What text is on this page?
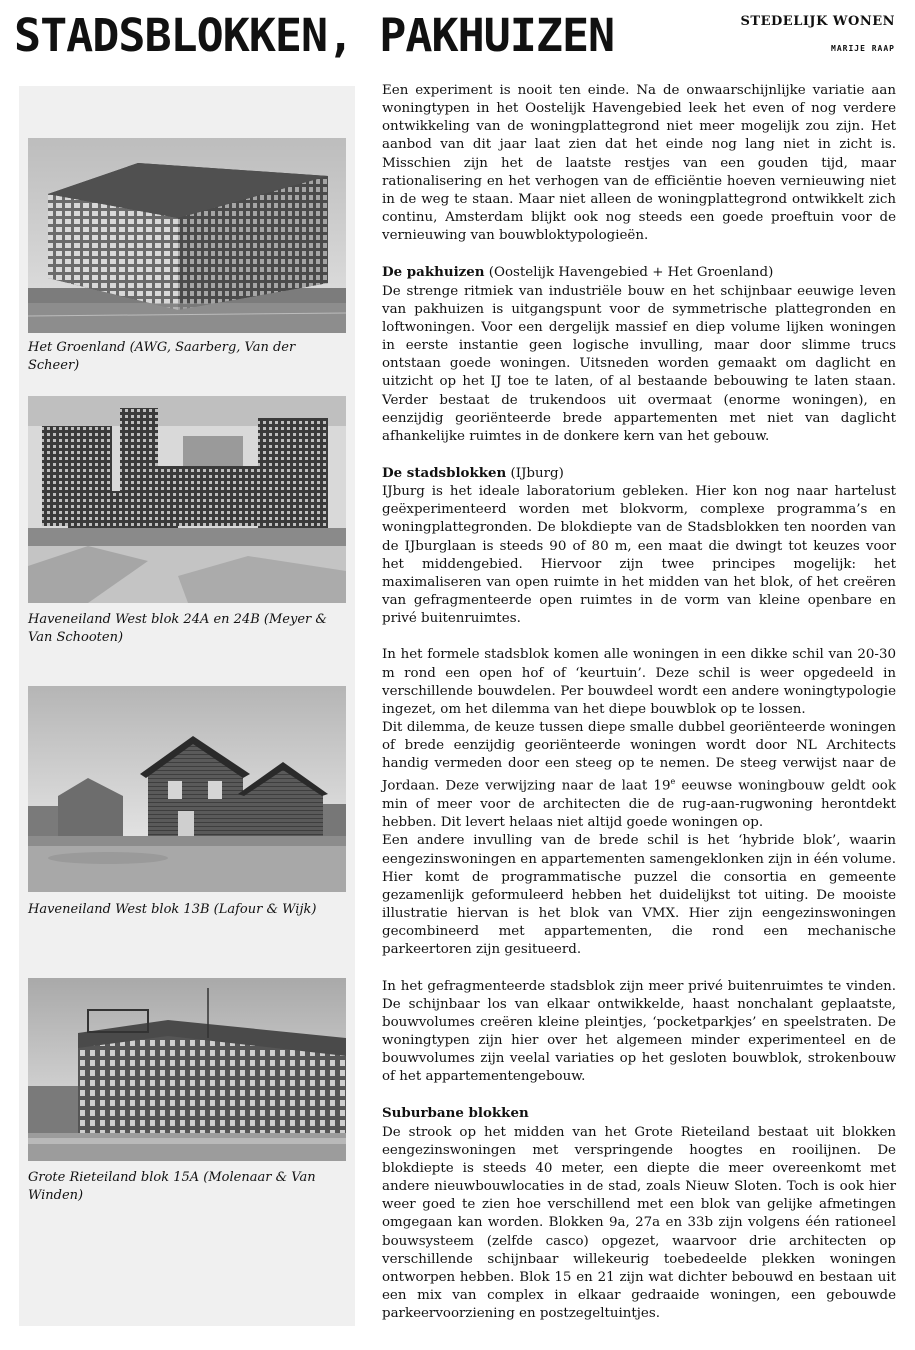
STADSBLOKKEN, PAKHUIZEN	STEDELIJK WONEN
MARIJE RAAP

Het Groenland (AWG, Saarberg, Van der Scheer)

Haveneiland West blok 24A en 24B (Meyer & Van Schooten)

Haveneiland West blok 13B (Lafour & Wijk)

Grote Rieteiland blok 15A (Molenaar & Van Winden)

Een experiment is nooit ten einde. Na de onwaarschijnlijke variatie aan woningtypen in het Oostelijk Havengebied leek het even of nog verdere ontwikkeling van de woningplattegrond niet meer mogelijk zou zijn. Het aanbod van dit jaar laat zien dat het einde nog lang niet in zicht is. Misschien zijn het de laatste restjes van een gouden tijd, maar rationalisering en het verhogen van de efficiëntie hoeven vernieuwing niet in de weg te staan. Maar niet alleen de woningplattegrond ontwikkelt zich continu, Amsterdam blijkt ook nog steeds een goede proeftuin voor de vernieuwing van bouwbloktypologieën.

De pakhuizen (Oostelijk Havengebied + Het Groenland)

De strenge ritmiek van industriële bouw en het schijnbaar eeuwige leven van pakhuizen is uitgangspunt voor de symmetrische plattegronden en loftwoningen. Voor een dergelijk massief en diep volume lijken woningen in eerste instantie geen logische invulling, maar door slimme trucs ontstaan goede woningen. Uitsneden worden gemaakt om daglicht en uitzicht op het IJ toe te laten, of al bestaande bebouwing te laten staan. Verder bestaat de trukendoos uit overmaat (enorme woningen), en eenzijdig georiënteerde brede appartementen met niet van daglicht afhankelijke ruimtes in de donkere kern van het gebouw.

De stadsblokken (IJburg)

IJburg is het ideale laboratorium gebleken. Hier kon nog naar hartelust geëxperimenteerd worden met blokvorm, complexe programma’s en woningplattegronden. De blokdiepte van de Stadsblokken ten noorden van de IJburglaan is steeds 90 of 80 m, een maat die dwingt tot keuzes voor het middengebied. Hiervoor zijn twee principes mogelijk: het maximaliseren van open ruimte in het midden van het blok, of het creëren van gefragmenteerde open ruimtes in de vorm van kleine openbare en privé buitenruimtes.

In het formele stadsblok komen alle woningen in een dikke schil van 20-30 m rond een open hof of ‘keurtuin’. Deze schil is weer opgedeeld in verschillende bouwdelen. Per bouwdeel wordt een andere woningtypologie ingezet, om het dilemma van het diepe bouwblok op te lossen.

Dit dilemma, de keuze tussen diepe smalle dubbel georiënteerde woningen of brede eenzijdig georiënteerde woningen wordt door NL Architects handig vermeden door een steeg op te nemen. De steeg verwijst naar de Jordaan. Deze verwijzing naar de laat 19e eeuwse woningbouw geldt ook min of meer voor de architecten die de rug-aan-rugwoning herontdekt hebben. Dit levert helaas niet altijd goede woningen op.

Een andere invulling van de brede schil is het ‘hybride blok’, waarin eengezinswoningen en appartementen samengeklonken zijn in één volume. Hier komt de programmatische puzzel die consortia en gemeente gezamenlijk geformuleerd hebben het duidelijkst tot uiting. De mooiste illustratie hiervan is het blok van VMX. Hier zijn eengezinswoningen gecombineerd met appartementen, die rond een mechanische parkeertoren zijn gesitueerd.

In het gefragmenteerde stadsblok zijn meer privé buitenruimtes te vinden. De schijnbaar los van elkaar ontwikkelde, haast nonchalant geplaatste, bouwvolumes creëren kleine pleintjes, ‘pocketparkjes’ en speelstraten. De woningtypen zijn hier over het algemeen minder experimenteel en de bouwvolumes zijn veelal variaties op het gesloten bouwblok, strokenbouw of het appartementengebouw.

Suburbane blokken

De strook op het midden van het Grote Rieteiland bestaat uit blokken eengezinswoningen met verspringende hoogtes en rooilijnen. De blokdiepte is steeds 40 meter, een diepte die meer overeenkomt met andere nieuwbouwlocaties in de stad, zoals Nieuw Sloten. Toch is ook hier weer goed te zien hoe verschillend met een blok van gelijke afmetingen omgegaan kan worden. Blokken 9a, 27a en 33b zijn volgens één rationeel bouwsysteem (zelfde casco) opgezet, waarvoor drie architecten op verschillende schijnbaar willekeurig toebedeelde plekken woningen ontworpen hebben. Blok 15 en 21 zijn wat dichter bebouwd en bestaan uit een mix van complex in elkaar gedraaide woningen, een gebouwde parkeervoorziening en postzegeltuintjes.
